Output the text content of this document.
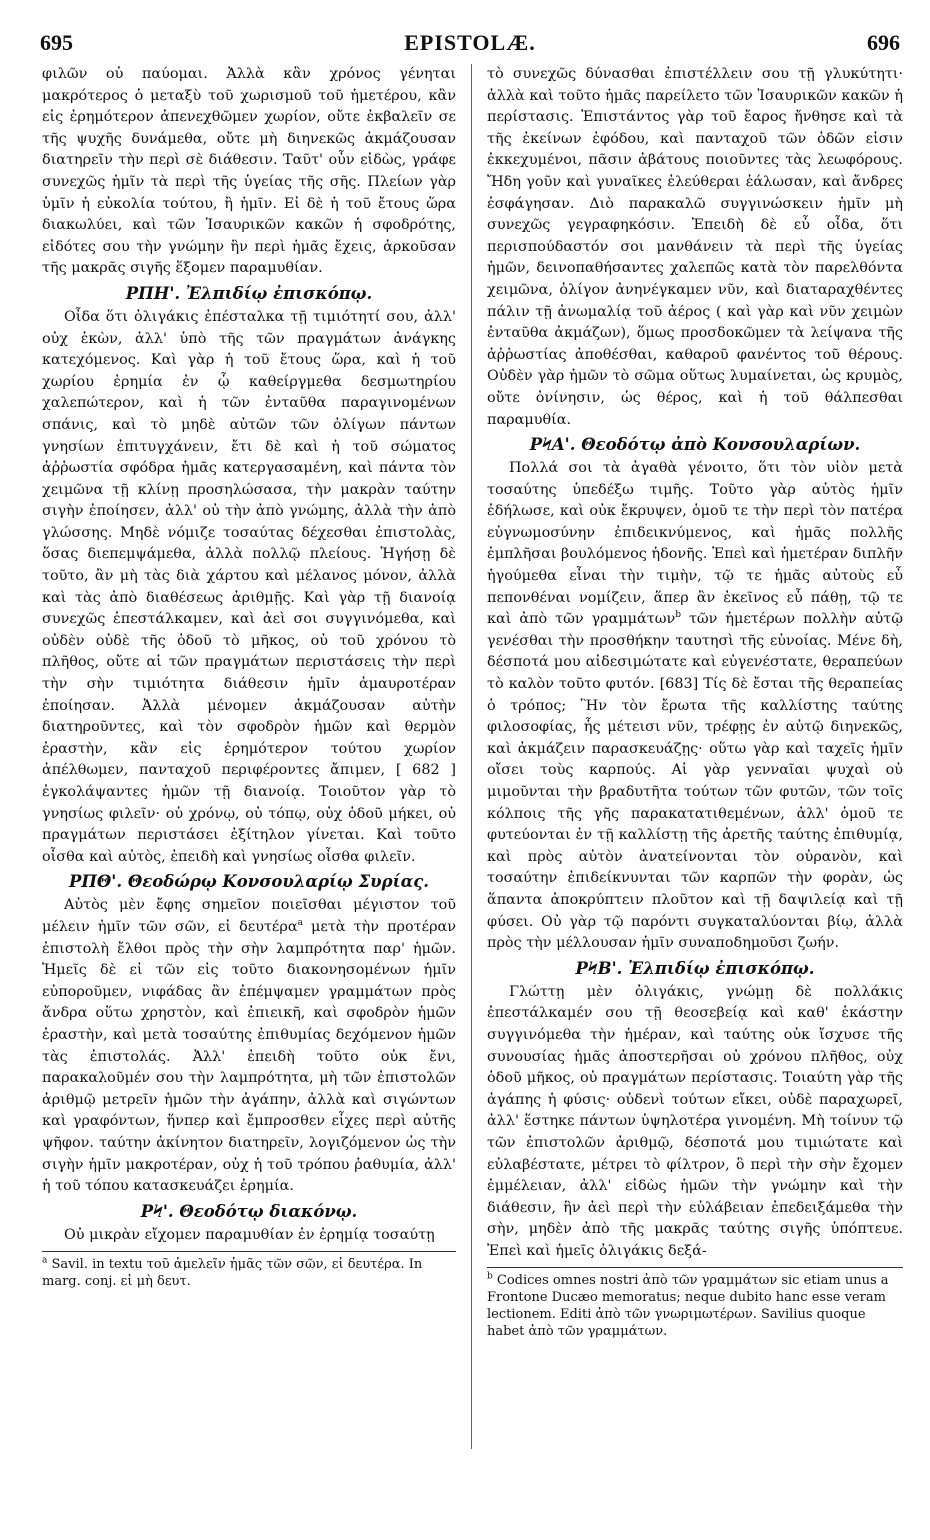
695	EPISTOLÆ.	696

φιλῶν οὐ παύομαι. Ἀλλὰ κἂν χρόνος γένηται μακρότερος ὁ μεταξὺ τοῦ χωρισμοῦ τοῦ ἡμετέρου, κἂν εἰς ἐρημότερον ἀπενεχθῶμεν χωρίον, οὔτε ἐκβαλεῖν σε τῆς ψυχῆς δυνάμεθα, οὔτε μὴ διηνεκῶς ἀκμάζουσαν διατηρεῖν τὴν περὶ σὲ διάθεσιν. Ταῦτ' οὖν εἰδὼς, γράφε συνεχῶς ἡμῖν τὰ περὶ τῆς ὑγείας τῆς σῆς. Πλείων γὰρ ὑμῖν ἡ εὐκολία τούτου, ἢ ἡμῖν. Εἰ δὲ ἡ τοῦ ἔτους ὥρα διακωλύει, καὶ τῶν Ἰσαυρικῶν κακῶν ἡ σφοδρότης, εἰδότες σου τὴν γνώμην ἣν περὶ ἡμᾶς ἔχεις, ἀρκοῦσαν τῆς μακρᾶς σιγῆς ἕξομεν παραμυθίαν.

ΡΠΗ'. Ἐλπιδίῳ ἐπισκόπῳ.

Οἶδα ὅτι ὀλιγάκις ἐπέσταλκα τῇ τιμιότητί σου, ἀλλ' οὐχ ἑκὼν, ἀλλ' ὑπὸ τῆς τῶν πραγμάτων ἀνάγκης κατεχόμενος. Καὶ γὰρ ἡ τοῦ ἔτους ὥρα, καὶ ἡ τοῦ χωρίου ἐρημία ἐν ᾧ καθείργμεθα δεσμωτηρίου χαλεπώτερον, καὶ ἡ τῶν ἐνταῦθα παραγινομένων σπάνις, καὶ τὸ μηδὲ αὐτῶν τῶν ὀλίγων πάντων γνησίων ἐπιτυγχάνειν, ἔτι δὲ καὶ ἡ τοῦ σώματος ἀῤῥωστία σφόδρα ἡμᾶς κατεργασαμένη, καὶ πάντα τὸν χειμῶνα τῇ κλίνῃ προσηλώσασα, τὴν μακρὰν ταύτην σιγὴν ἐποίησεν, ἀλλ' οὐ τὴν ἀπὸ γνώμης, ἀλλὰ τὴν ἀπὸ γλώσσης. Μηδὲ νόμιζε τοσαύτας δέχεσθαι ἐπιστολὰς, ὅσας διεπεμψάμεθα, ἀλλὰ πολλῷ πλείους. Ἡγήσῃ δὲ τοῦτο, ἂν μὴ τὰς διὰ χάρτου καὶ μέλανος μόνον, ἀλλὰ καὶ τὰς ἀπὸ διαθέσεως ἀριθμῇς. Καὶ γὰρ τῇ διανοίᾳ συνεχῶς ἐπεστάλκαμεν, καὶ ἀεὶ σοι συγγινόμεθα, καὶ οὐδὲν οὐδὲ τῆς ὁδοῦ τὸ μῆκος, οὐ τοῦ χρόνου τὸ πλῆθος, οὔτε αἱ τῶν πραγμάτων περιστάσεις τὴν περὶ τὴν σὴν τιμιότητα διάθεσιν ἡμῖν ἀμαυροτέραν ἐποίησαν. Ἀλλὰ μένομεν ἀκμάζουσαν αὐτὴν διατηροῦντες, καὶ τὸν σφοδρὸν ἡμῶν καὶ θερμὸν ἐραστὴν, κἂν εἰς ἐρημότερον τούτου χωρίον ἀπέλθωμεν, πανταχοῦ περιφέροντες ἄπιμεν, [ 682 ] ἐγκολάψαντες ἡμῶν τῇ διανοίᾳ. Τοιοῦτον γὰρ τὸ γνησίως φιλεῖν· οὐ χρόνῳ, οὐ τόπῳ, οὐχ ὁδοῦ μήκει, οὐ πραγμάτων περιστάσει ἐξίτηλον γίνεται. Καὶ τοῦτο οἶσθα καὶ αὐτὸς, ἐπειδὴ καὶ γνησίως οἶσθα φιλεῖν.

ΡΠΘ'. Θεοδώρῳ Κονσουλαρίῳ Συρίας.

Αὐτὸς μὲν ἔφης σημεῖον ποιεῖσθαι μέγιστον τοῦ μέλειν ἡμῖν τῶν σῶν, εἰ δευτέρα$^a$ μετὰ τὴν προτέραν ἐπιστολὴ ἔλθοι πρὸς τὴν σὴν λαμπρότητα παρ' ἡμῶν. Ἡμεῖς δὲ εἰ τῶν εἰς τοῦτο διακονησομένων ἡμῖν εὐποροῦμεν, νιφάδας ἂν ἐπέμψαμεν γραμμάτων πρὸς ἄνδρα οὕτω χρηστὸν, καὶ ἐπιεικῆ, καὶ σφοδρὸν ἡμῶν ἐραστὴν, καὶ μετὰ τοσαύτης ἐπιθυμίας δεχόμενον ἡμῶν τὰς ἐπιστολάς. Ἀλλ' ἐπειδὴ τοῦτο οὐκ ἔνι, παρακαλοῦμέν σου τὴν λαμπρότητα, μὴ τῶν ἐπιστολῶν ἀριθμῷ μετρεῖν ἡμῶν τὴν ἀγάπην, ἀλλὰ καὶ σιγώντων καὶ γραφόντων, ἥνπερ καὶ ἔμπροσθεν εἶχες περὶ αὐτῆς ψῆφον. ταύτην ἀκίνητον διατηρεῖν, λογιζόμενον ὡς τὴν σιγὴν ἡμῖν μακροτέραν, οὐχ ἡ τοῦ τρόπου ῥαθυμία, ἀλλ' ἡ τοῦ τόπου κατασκευάζει ἐρημία.

ΡϞ'. Θεοδότῳ διακόνῳ.

Οὐ μικρὰν εἴχομεν παραμυθίαν ἐν ἐρημίᾳ τοσαύτῃ

$^a$ Savil. in textu τοῦ ἀμελεῖν ἡμᾶς τῶν σῶν, εἰ δευτέρα. In marg. conj. εἰ μὴ δευτ.

τὸ συνεχῶς δύνασθαι ἐπιστέλλειν σου τῇ γλυκύτητι· ἀλλὰ καὶ τοῦτο ἡμᾶς παρείλετο τῶν Ἰσαυρικῶν κακῶν ἡ περίστασις. Ἐπιστάντος γὰρ τοῦ ἔαρος ἤνθησε καὶ τὰ τῆς ἐκείνων ἐφόδου, καὶ πανταχοῦ τῶν ὁδῶν εἰσιν ἐκκεχυμένοι, πᾶσιν ἀβάτους ποιοῦντες τὰς λεωφόρους. Ἤδη γοῦν καὶ γυναῖκες ἐλεύθεραι ἑάλωσαν, καὶ ἄνδρες ἐσφάγησαν. Διὸ παρακαλῶ συγγινώσκειν ἡμῖν μὴ συνεχῶς γεγραφηκόσιν. Ἐπειδὴ δὲ εὖ οἶδα, ὅτι περισπούδαστόν σοι μανθάνειν τὰ περὶ τῆς ὑγείας ἡμῶν, δεινοπαθήσαντες χαλεπῶς κατὰ τὸν παρελθόντα χειμῶνα, ὀλίγον ἀνηνέγκαμεν νῦν, καὶ διαταραχθέντες πάλιν τῇ ἀνωμαλίᾳ τοῦ ἀέρος ( καὶ γὰρ καὶ νῦν χειμὼν ἐνταῦθα ἀκμάζων), ὅμως προσδοκῶμεν τὰ λείψανα τῆς ἀῤῥωστίας ἀποθέσθαι, καθαροῦ φανέντος τοῦ θέρους. Οὐδὲν γὰρ ἡμῶν τὸ σῶμα οὕτως λυμαίνεται, ὡς κρυμὸς, οὔτε ὀνίνησιν, ὡς θέρος, καὶ ἡ τοῦ θάλπεσθαι παραμυθία.

ΡϞΑ'. Θεοδότῳ ἀπὸ Κονσουλαρίων.

Πολλά σοι τὰ ἀγαθὰ γένοιτο, ὅτι τὸν υἱὸν μετὰ τοσαύτης ὑπεδέξω τιμῆς. Τοῦτο γὰρ αὐτὸς ἡμῖν ἐδήλωσε, καὶ οὐκ ἔκρυψεν, ὁμοῦ τε τὴν περὶ τὸν πατέρα εὐγνωμοσύνην ἐπιδεικνύμενος, καὶ ἡμᾶς πολλῆς ἐμπλῆσαι βουλόμενος ἡδονῆς. Ἐπεὶ καὶ ἡμετέραν διπλῆν ἡγούμεθα εἶναι τὴν τιμὴν, τῷ τε ἡμᾶς αὐτοὺς εὖ πεπονθέναι νομίζειν, ἅπερ ἂν ἐκεῖνος εὖ πάθῃ, τῷ τε καὶ ἀπὸ τῶν γραμμάτων$^b$ τῶν ἡμετέρων πολλὴν αὐτῷ γενέσθαι τὴν προσθήκην ταυτησὶ τῆς εὐνοίας. Μένε δὴ, δέσποτά μου αἰδεσιμώτατε καὶ εὐγενέστατε, θεραπεύων τὸ καλὸν τοῦτο φυτόν. [683] Τίς δὲ ἔσται τῆς θεραπείας ὁ τρόπος; Ἣν τὸν ἔρωτα τῆς καλλίστης ταύτης φιλοσοφίας, ἧς μέτεισι νῦν, τρέφῃς ἐν αὐτῷ διηνεκῶς, καὶ ἀκμάζειν παρασκευάζῃς· οὕτω γὰρ καὶ ταχεῖς ἡμῖν οἴσει τοὺς καρπούς. Αἱ γὰρ γενναῖαι ψυχαὶ οὐ μιμοῦνται τὴν βραδυτῆτα τούτων τῶν φυτῶν, τῶν τοῖς κόλποις τῆς γῆς παρακατατιθεμένων, ἀλλ' ὁμοῦ τε φυτεύονται ἐν τῇ καλλίστῃ τῆς ἀρετῆς ταύτης ἐπιθυμίᾳ, καὶ πρὸς αὐτὸν ἀνατείνονται τὸν οὐρανὸν, καὶ τοσαύτην ἐπιδείκνυνται τῶν καρπῶν τὴν φορὰν, ὡς ἅπαντα ἀποκρύπτειν πλοῦτον καὶ τῇ δαψιλείᾳ καὶ τῇ φύσει. Οὐ γὰρ τῷ παρόντι συγκαταλύονται βίῳ, ἀλλὰ πρὸς τὴν μέλλουσαν ἡμῖν συναποδημοῦσι ζωήν.

ΡϞΒ'. Ἐλπιδίῳ ἐπισκόπῳ.

Γλώττῃ μὲν ὀλιγάκις, γνώμῃ δὲ πολλάκις ἐπεστάλκαμέν σου τῇ θεοσεβείᾳ καὶ καθ' ἑκάστην συγγινόμεθα τὴν ἡμέραν, καὶ ταύτης οὐκ ἴσχυσε τῆς συνουσίας ἡμᾶς ἀποστερῆσαι οὐ χρόνου πλῆθος, οὐχ ὁδοῦ μῆκος, οὐ πραγμάτων περίστασις. Τοιαύτη γὰρ τῆς ἀγάπης ἡ φύσις· οὐδενὶ τούτων εἴκει, οὐδὲ παραχωρεῖ, ἀλλ' ἕστηκε πάντων ὑψηλοτέρα γινομένη. Μὴ τοίνυν τῷ τῶν ἐπιστολῶν ἀριθμῷ, δέσποτά μου τιμιώτατε καὶ εὐλαβέστατε, μέτρει τὸ φίλτρον, ὃ περὶ τὴν σὴν ἔχομεν ἐμμέλειαν, ἀλλ' εἰδὼς ἡμῶν τὴν γνώμην καὶ τὴν διάθεσιν, ἣν ἀεὶ περὶ τὴν εὐλάβειαν ἐπεδειξάμεθα τὴν σὴν, μηδὲν ἀπὸ τῆς μακρᾶς ταύτης σιγῆς ὑπόπτευε. Ἐπεὶ καὶ ἡμεῖς ὀλιγάκις δεξά-

$^b$ Codices omnes nostri ἀπὸ τῶν γραμμάτων sic etiam unus a Frontone Ducæo memoratus; neque dubito hanc esse veram lectionem. Editi ἀπὸ τῶν γνωριμωτέρων. Savilius quoque habet ἀπὸ τῶν γραμμάτων.
